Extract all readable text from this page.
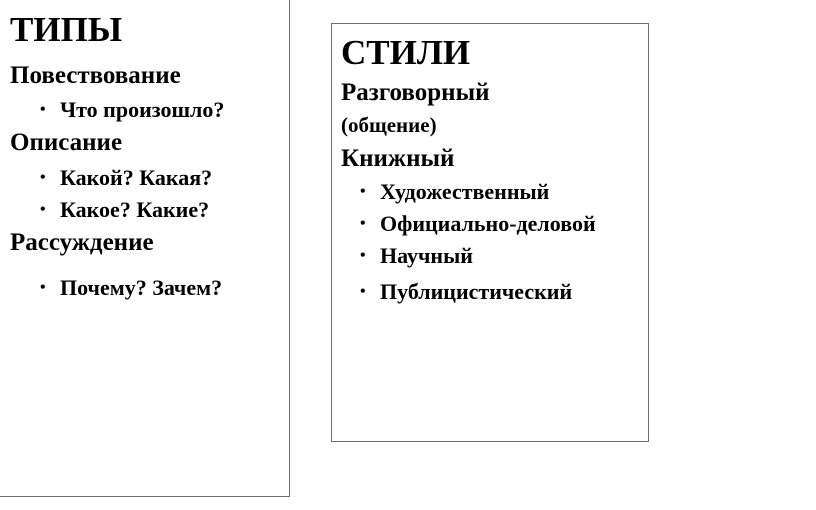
ТИПЫ
Повествование
• Что произошло?
Описание
• Какой? Какая?
• Какое? Какие?
Рассуждение
• Почему? Зачем?
СТИЛИ
Разговорный
(общение)
Книжный
• Художественный
• Официально-деловой
• Научный
• Публицистический
